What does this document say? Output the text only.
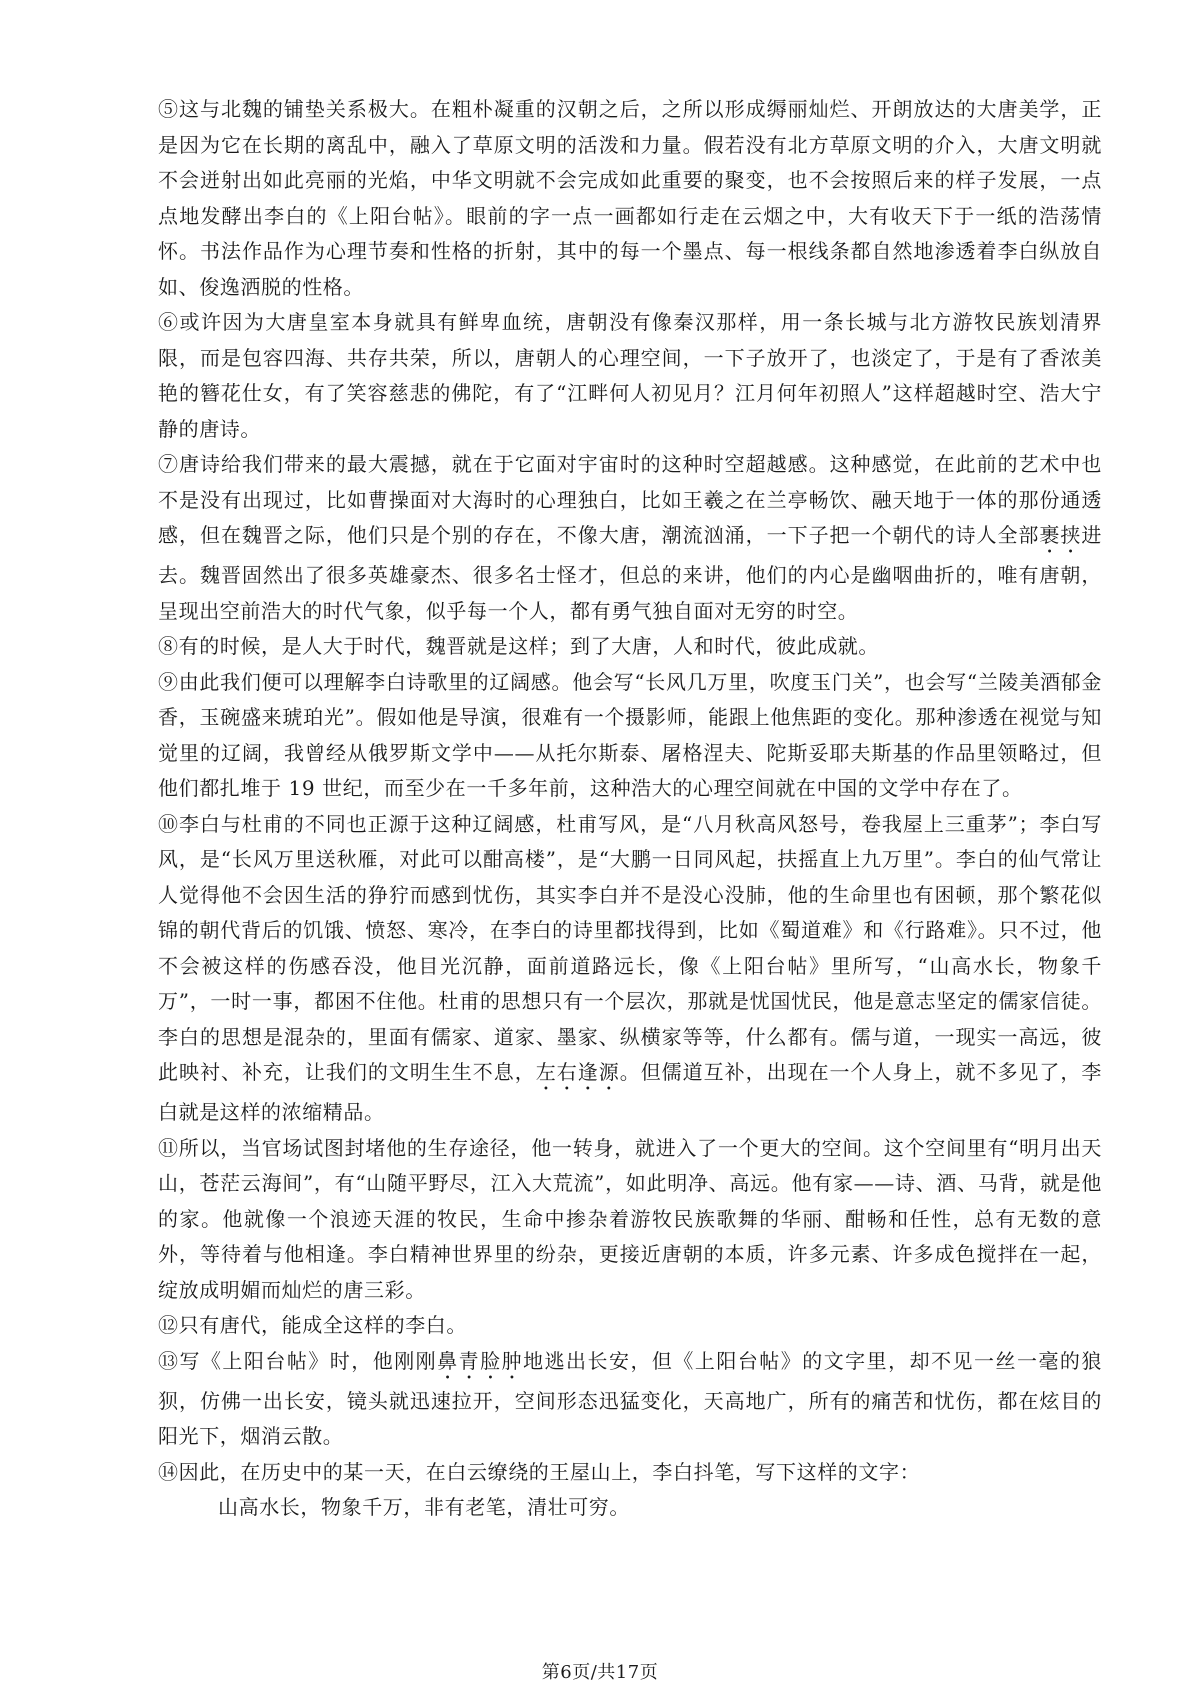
⑤这与北魏的铺垫关系极大。在粗朴凝重的汉朝之后，之所以形成缛丽灿烂、开朗放达的大唐美学，正是因为它在长期的离乱中，融入了草原文明的活泼和力量。假若没有北方草原文明的介入，大唐文明就不会迸射出如此亮丽的光焰，中华文明就不会完成如此重要的聚变，也不会按照后来的样子发展，一点点地发酵出李白的《上阳台帖》。眼前的字一点一画都如行走在云烟之中，大有收天下于一纸的浩荡情怀。书法作品作为心理节奏和性格的折射，其中的每一个墨点、每一根线条都自然地渗透着李白纵放自如、俊逸洒脱的性格。

⑥或许因为大唐皇室本身就具有鲜卑血统，唐朝没有像秦汉那样，用一条长城与北方游牧民族划清界限，而是包容四海、共存共荣，所以，唐朝人的心理空间，一下子放开了，也淡定了，于是有了香浓美艳的簪花仕女，有了笑容慈悲的佛陀，有了“江畔何人初见月？江月何年初照人”这样超越时空、浩大宁静的唐诗。

⑦唐诗给我们带来的最大震撼，就在于它面对宇宙时的这种时空超越感。这种感觉，在此前的艺术中也不是没有出现过，比如曹操面对大海时的心理独白，比如王羲之在兰亭畅饮、融天地于一体的那份通透感，但在魏晋之际，他们只是个别的存在，不像大唐，潮流汹涌，一下子把一个朝代的诗人全部裹挟进去。魏晋固然出了很多英雄豪杰、很多名士怪才，但总的来讲，他们的内心是幽咽曲折的，唯有唐朝，呈现出空前浩大的时代气象，似乎每一个人，都有勇气独自面对无穷的时空。

⑧有的时候，是人大于时代，魏晋就是这样；到了大唐，人和时代，彼此成就。

⑨由此我们便可以理解李白诗歌里的辽阔感。他会写“长风几万里，吹度玉门关”，也会写“兰陵美酒郁金香，玉碗盛来琥珀光”。假如他是导演，很难有一个摄影师，能跟上他焦距的变化。那种渗透在视觉与知觉里的辽阔，我曾经从俄罗斯文学中——从托尔斯泰、屠格涅夫、陀斯妥耶夫斯基的作品里领略过，但他们都扎堆于 19 世纪，而至少在一千多年前，这种浩大的心理空间就在中国的文学中存在了。

⑩李白与杜甫的不同也正源于这种辽阔感，杜甫写风，是“八月秋高风怒号，卷我屋上三重茅”；李白写风，是“长风万里送秋雁，对此可以酣高楼”，是“大鹏一日同风起，扶摇直上九万里”。李白的仙气常让人觉得他不会因生活的狰狞而感到忧伤，其实李白并不是没心没肺，他的生命里也有困顿，那个繁花似锦的朝代背后的饥饿、愤怒、寒冷，在李白的诗里都找得到，比如《蜀道难》和《行路难》。只不过，他不会被这样的伤感吞没，他目光沉静，面前道路远长，像《上阳台帖》里所写，“山高水长，物象千万”，一时一事，都困不住他。杜甫的思想只有一个层次，那就是忧国忧民，他是意志坚定的儒家信徒。李白的思想是混杂的，里面有儒家、道家、墨家、纵横家等等，什么都有。儒与道，一现实一高远，彼此映衬、补充，让我们的文明生生不息，左右逢源。但儒道互补，出现在一个人身上，就不多见了，李白就是这样的浓缩精品。

⑪所以，当官场试图封堵他的生存途径，他一转身，就进入了一个更大的空间。这个空间里有“明月出天山，苍茫云海间”，有“山随平野尽，江入大荒流”，如此明净、高远。他有家——诗、酒、马背，就是他的家。他就像一个浪迹天涯的牧民，生命中掺杂着游牧民族歌舞的华丽、酣畅和任性，总有无数的意外，等待着与他相逢。李白精神世界里的纷杂，更接近唐朝的本质，许多元素、许多成色搅拌在一起，绽放成明媚而灿烂的唐三彩。

⑫只有唐代，能成全这样的李白。

⑬写《上阳台帖》时，他刚刚鼻青脸肿地逃出长安，但《上阳台帖》的文字里，却不见一丝一毫的狼狈，仿佛一出长安，镜头就迅速拉开，空间形态迅猛变化，天高地广，所有的痛苦和忧伤，都在炫目的阳光下，烟消云散。

⑭因此，在历史中的某一天，在白云缭绕的王屋山上，李白抖笔，写下这样的文字：

山高水长，物象千万，非有老笔，清壮可穷。
第6页/共17页
